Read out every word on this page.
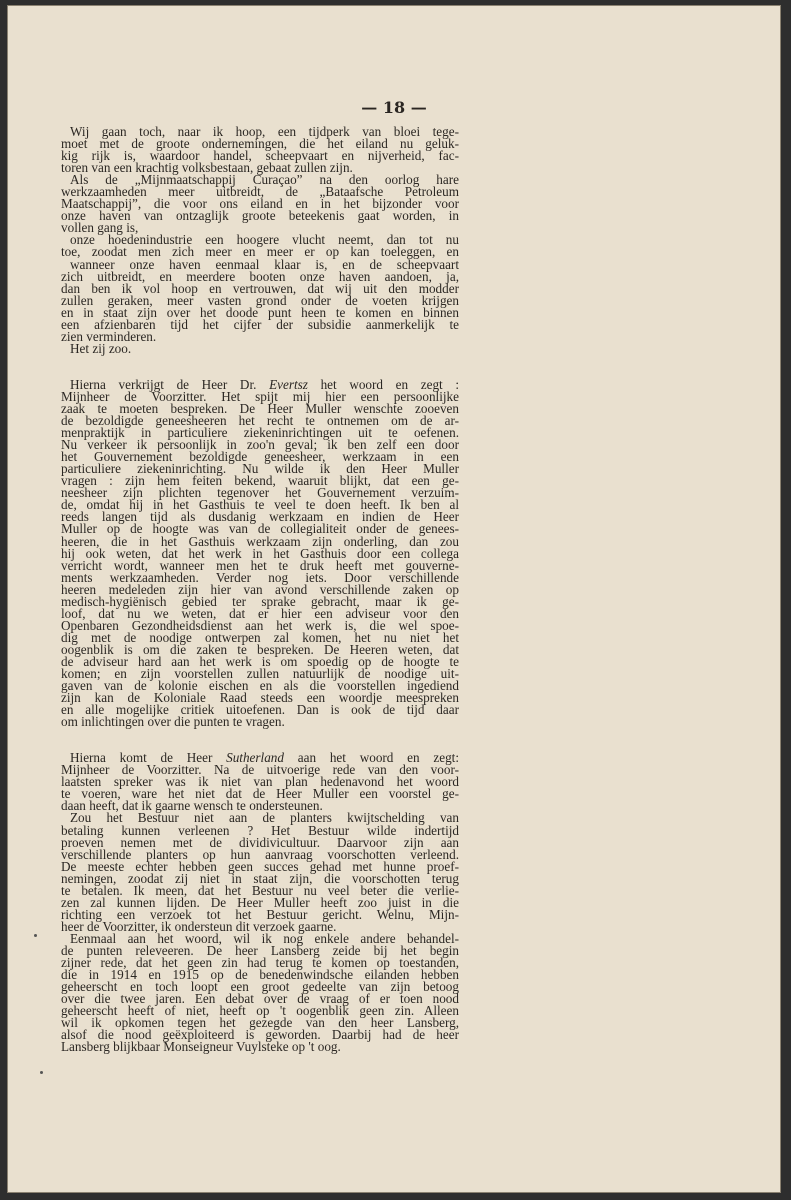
— 18 —
Wij gaan toch, naar ik hoop, een tijdperk van bloei tege-
moet met de groote ondernemingen, die het eiland nu geluk-
kig rijk is, waardoor handel, scheepvaart en nijverheid, fac-
toren van een krachtig volksbestaan, gebaat zullen zijn.
Als de „Mijnmaatschappij Curaçao” na den oorlog hare
werkzaamheden meer uitbreidt, de „Bataafsche Petroleum
Maatschappij”, die voor ons eiland en in het bijzonder voor
onze haven van ontzaglijk groote beteekenis gaat worden, in
vollen gang is,
onze hoedenindustrie een hoogere vlucht neemt, dan tot nu
toe, zoodat men zich meer en meer er op kan toeleggen, en
wanneer onze haven eenmaal klaar is, en de scheepvaart
zich uitbreidt, en meerdere booten onze haven aandoen, ja,
dan ben ik vol hoop en vertrouwen, dat wij uit den modder
zullen geraken, meer vasten grond onder de voeten krijgen
en in staat zijn over het doode punt heen te komen en binnen
een afzienbaren tijd het cijfer der subsidie aanmerkelijk te
zien verminderen.
Het zij zoo.
Hierna verkrijgt de Heer Dr. Evertsz het woord en zegt :
Mijnheer de Voorzitter. Het spijt mij hier een persoonlijke
zaak te moeten bespreken. De Heer Muller wenschte zooeven
de bezoldigde geneesheeren het recht te ontnemen om de ar-
menpraktijk in particuliere ziekeninrichtingen uit te oefenen.
Nu verkeer ik persoonlijk in zoo'n geval; ik ben zelf een door
het Gouvernement bezoldigde geneesheer, werkzaam in een
particuliere ziekeninrichting. Nu wilde ik den Heer Muller
vragen : zijn hem feiten bekend, waaruit blijkt, dat een ge-
neesheer zijn plichten tegenover het Gouvernement verzuim-
de, omdat hij in het Gasthuis te veel te doen heeft. Ik ben al
reeds langen tijd als dusdanig werkzaam en indien de Heer
Muller op de hoogte was van de collegialiteit onder de genees-
heeren, die in het Gasthuis werkzaam zijn onderling, dan zou
hij ook weten, dat het werk in het Gasthuis door een collega
verricht wordt, wanneer men het te druk heeft met gouverne-
ments werkzaamheden. Verder nog iets. Door verschillende
heeren medeleden zijn hier van avond verschillende zaken op
medisch-hygiënisch gebied ter sprake gebracht, maar ik ge-
loof, dat nu we weten, dat er hier een adviseur voor den
Openbaren Gezondheidsdienst aan het werk is, die wel spoe-
dig met de noodige ontwerpen zal komen, het nu niet het
oogenblik is om die zaken te bespreken. De Heeren weten, dat
de adviseur hard aan het werk is om spoedig op de hoogte te
komen; en zijn voorstellen zullen natuurlijk de noodige uit-
gaven van de kolonie eischen en als die voorstellen ingediend
zijn kan de Koloniale Raad steeds een woordje meespreken
en alle mogelijke critiek uitoefenen. Dan is ook de tijd daar
om inlichtingen over die punten te vragen.
Hierna komt de Heer Sutherland aan het woord en zegt:
Mijnheer de Voorzitter. Na de uitvoerige rede van den voor-
laatsten spreker was ik niet van plan hedenavond het woord
te voeren, ware het niet dat de Heer Muller een voorstel ge-
daan heeft, dat ik gaarne wensch te ondersteunen.
Zou het Bestuur niet aan de planters kwijtschelding van
betaling kunnen verleenen ? Het Bestuur wilde indertijd
proeven nemen met de dividivicultuur. Daarvoor zijn aan
verschillende planters op hun aanvraag voorschotten verleend.
De meeste echter hebben geen succes gehad met hunne proef-
nemingen, zoodat zij niet in staat zijn, die voorschotten terug
te betalen. Ik meen, dat het Bestuur nu veel beter die verlie-
zen zal kunnen lijden. De Heer Muller heeft zoo juist in die
richting een verzoek tot het Bestuur gericht. Welnu, Mijn-
heer de Voorzitter, ik ondersteun dit verzoek gaarne.
Eenmaal aan het woord, wil ik nog enkele andere behandel-
de punten releveeren. De heer Lansberg zeide bij het begin
zijner rede, dat het geen zin had terug te komen op toestanden,
die in 1914 en 1915 op de benedenwindsche eilanden hebben
geheerscht en toch loopt een groot gedeelte van zijn betoog
over die twee jaren. Een debat over de vraag of er toen nood
geheerscht heeft of niet, heeft op 't oogenblik geen zin. Alleen
wil ik opkomen tegen het gezegde van den heer Lansberg,
alsof die nood geëxploiteerd is geworden. Daarbij had de heer
Lansberg blijkbaar Monseigneur Vuylsteke op 't oog.
